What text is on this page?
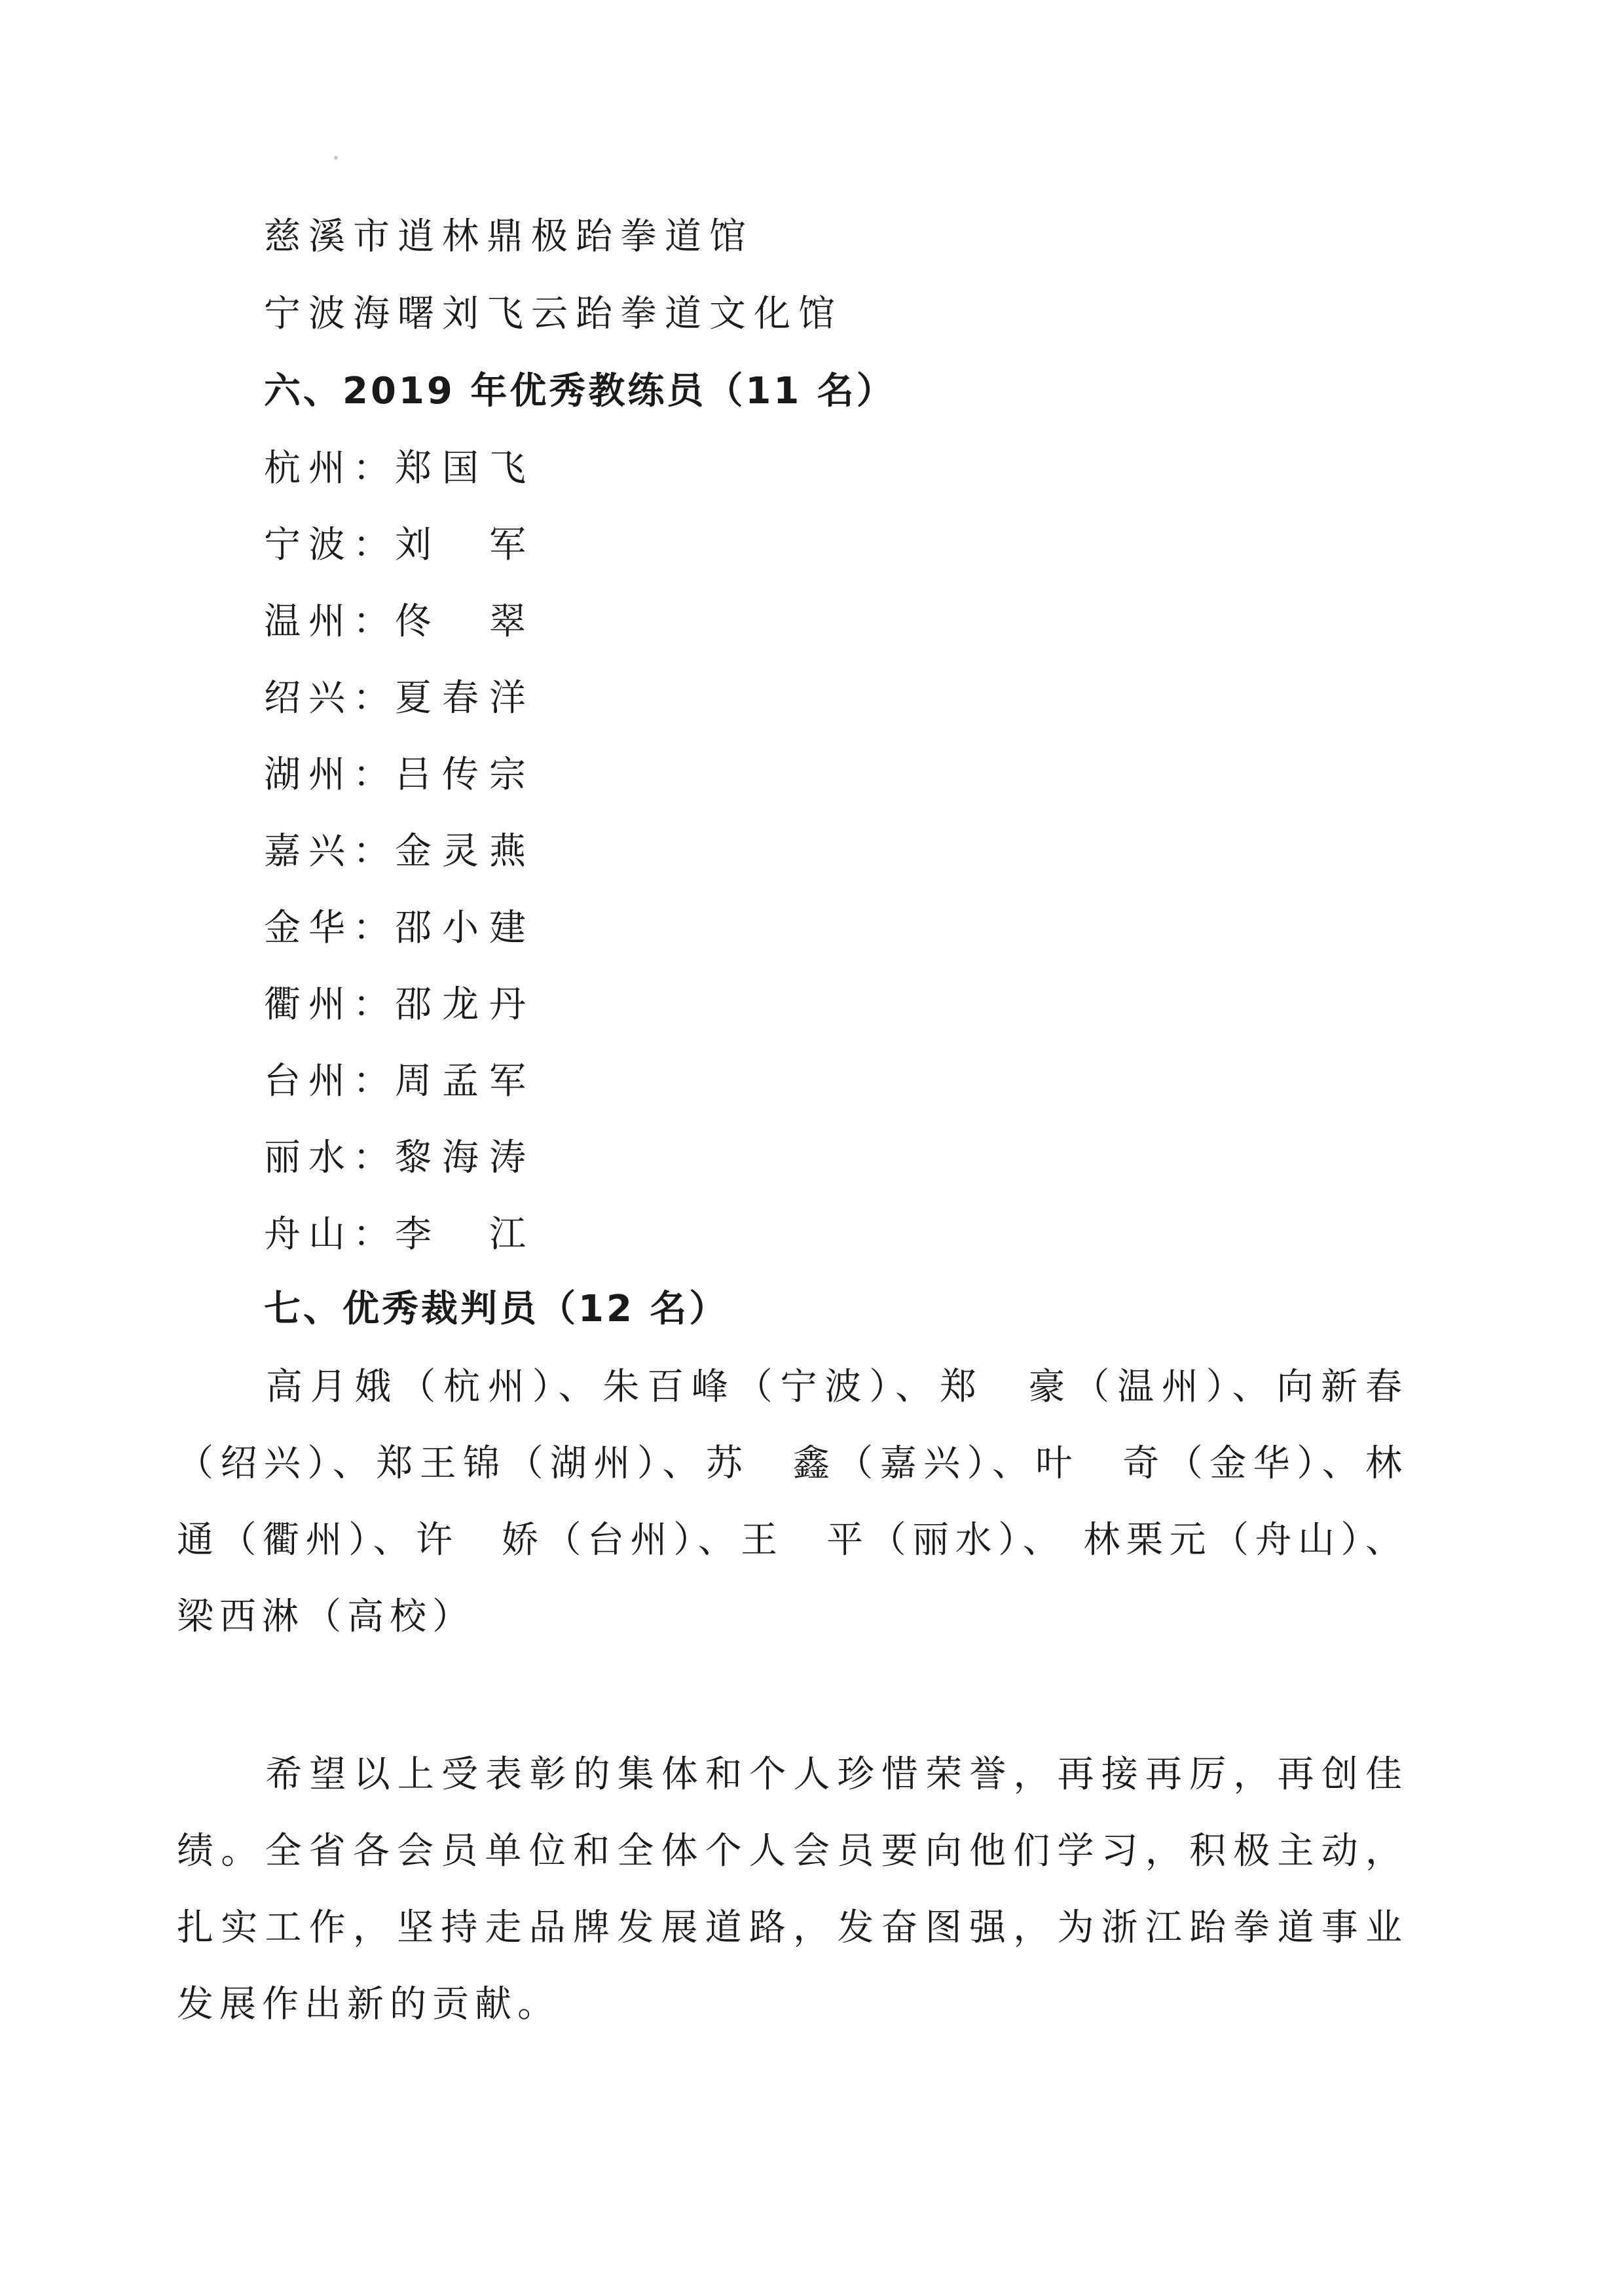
慈溪市逍林鼎极跆拳道馆
宁波海曙刘飞云跆拳道文化馆
六、2019 年优秀教练员（11 名）
杭州：
郑 国 飞
宁波：
刘 军
温州：
佟 翠
绍兴：
夏 春 洋
湖州：
吕 传 宗
嘉兴：
金 灵 燕
金华：
邵 小 建
衢州：
邵 龙 丹
台州：
周 孟 军
丽水：
黎 海 涛
舟山：
李 江
七、优秀裁判员（12 名）
高月娥（杭州）、朱百峰（宁波）、郑　豪（温州）、向新春（绍兴）、郑王锦（湖州）、苏　鑫（嘉兴）、叶　奇（金华）、林　通（衢州）、许　娇（台州）、王　平（丽水）、 林栗元（舟山）、梁西淋（高校）
希望以上受表彰的集体和个人珍惜荣誉，再接再厉，再创佳绩。全省各会员单位和全体个人会员要向他们学习，积极主动，扎实工作，坚持走品牌发展道路，发奋图强，为浙江跆拳道事业发展作出新的贡献。
